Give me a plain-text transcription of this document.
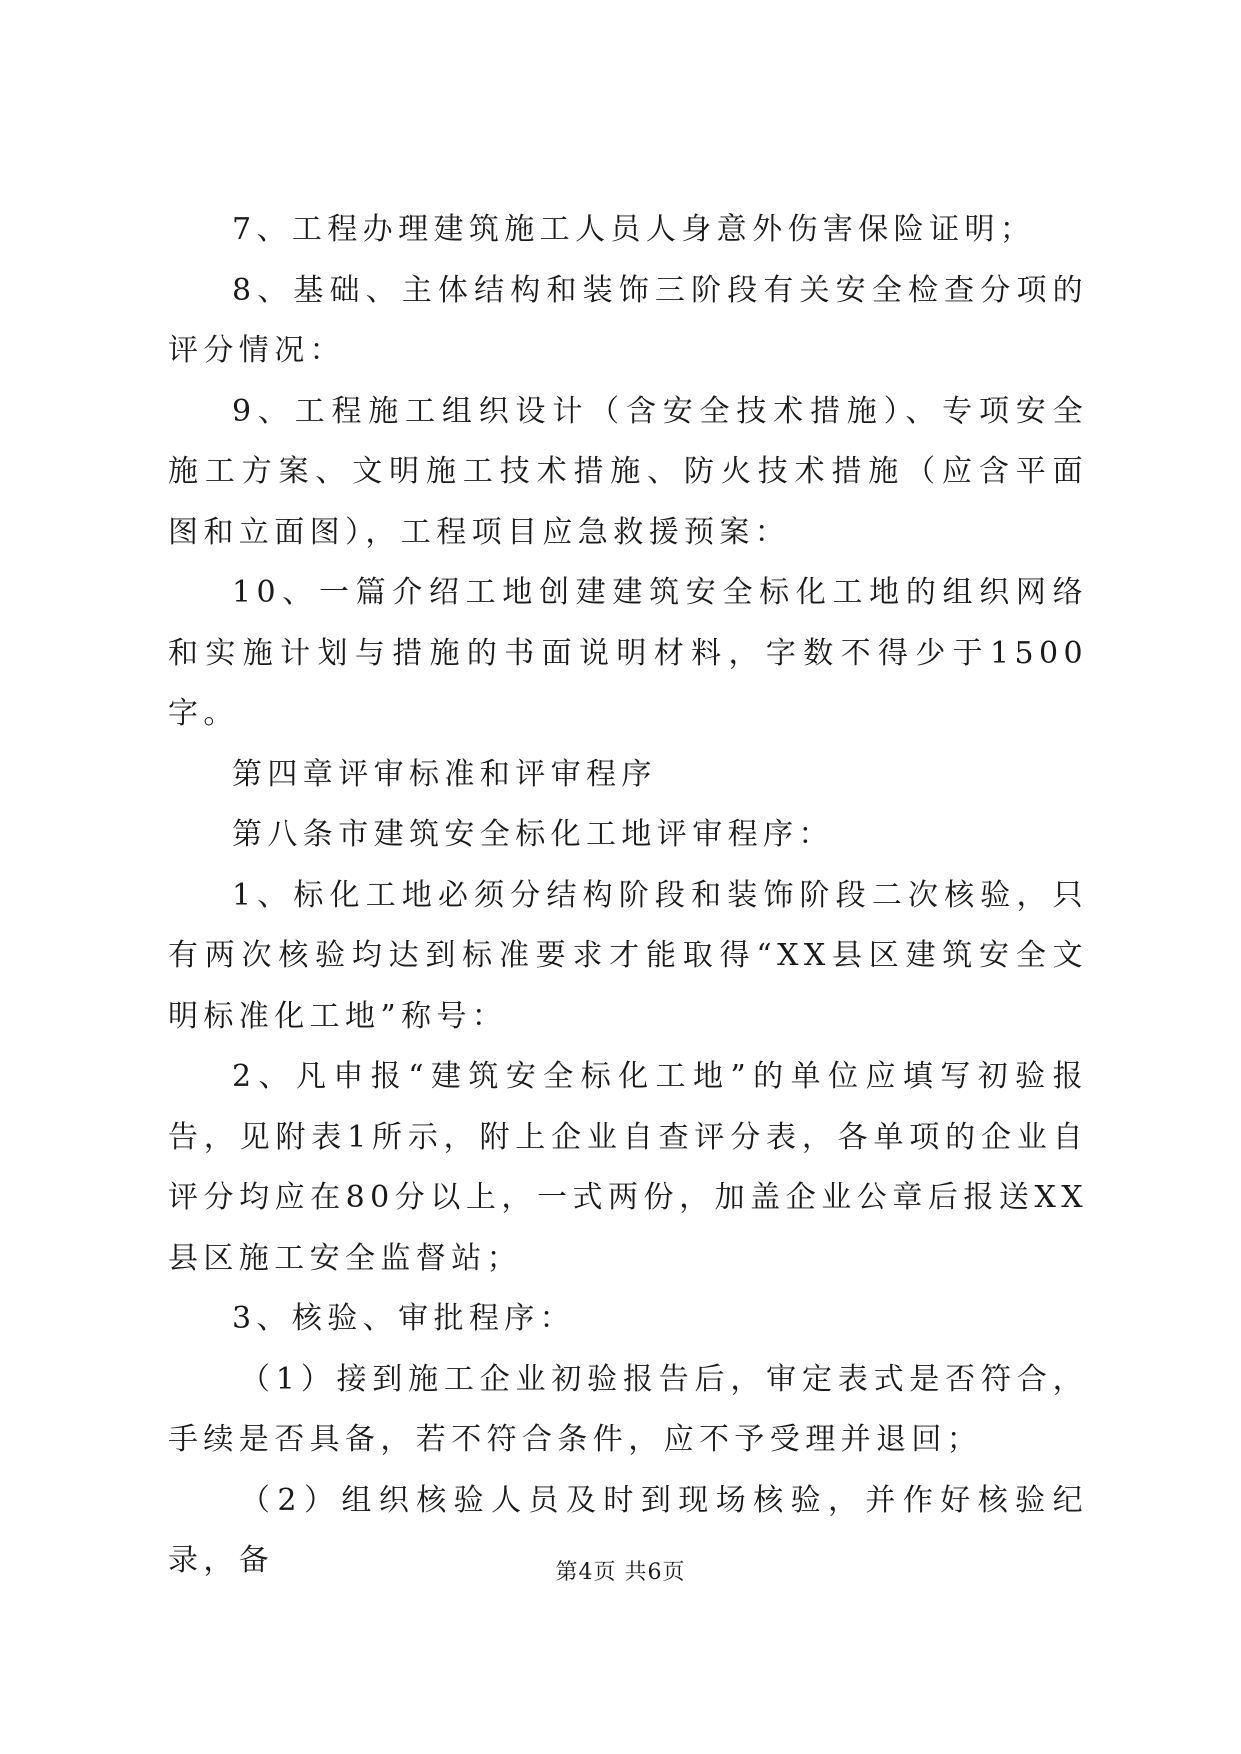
7、工程办理建筑施工人员人身意外伤害保险证明；

8、基础、主体结构和装饰三阶段有关安全检查分项的评分情况：

9、工程施工组织设计（含安全技术措施）、专项安全施工方案、文明施工技术措施、防火技术措施（应含平面图和立面图），工程项目应急救援预案：

10、一篇介绍工地创建建筑安全标化工地的组织网络和实施计划与措施的书面说明材料，字数不得少于1500字。

第四章评审标准和评审程序

第八条市建筑安全标化工地评审程序：

1、标化工地必须分结构阶段和装饰阶段二次核验，只有两次核验均达到标准要求才能取得“XX县区建筑安全文明标准化工地”称号：

2、凡申报“建筑安全标化工地”的单位应填写初验报告，见附表1所示，附上企业自查评分表，各单项的企业自评分均应在80分以上，一式两份，加盖企业公章后报送XX县区施工安全监督站；

3、核验、审批程序：

（1）接到施工企业初验报告后，审定表式是否符合，手续是否具备，若不符合条件，应不予受理并退回；

（2）组织核验人员及时到现场核验，并作好核验纪录，备	第4页 共6页
